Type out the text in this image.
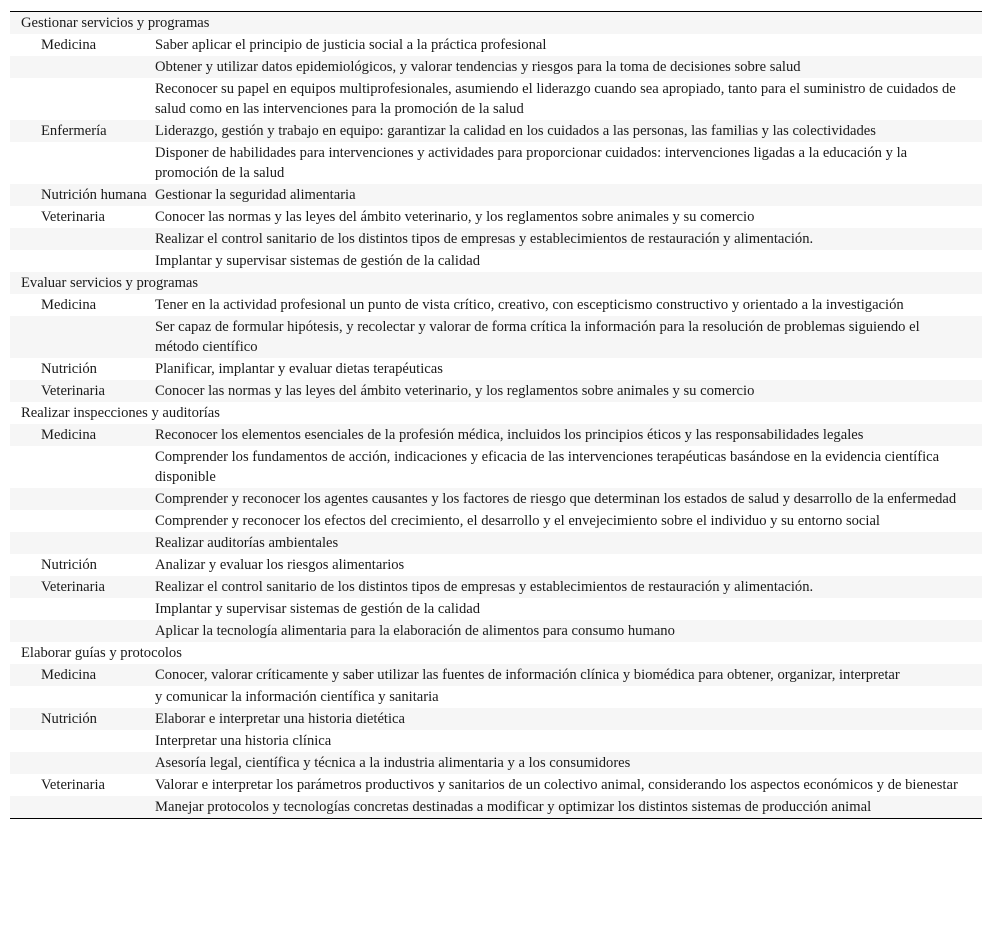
Gestionar servicios y programas	
Medicina	Saber aplicar el principio de justicia social a la práctica profesional
	Obtener y utilizar datos epidemiológicos, y valorar tendencias y riesgos para la toma de decisiones sobre salud
	Reconocer su papel en equipos multiprofesionales, asumiendo el liderazgo cuando sea apropiado, tanto para el suministro de cuidados de salud como en las intervenciones para la promoción de la salud
Enfermería	Liderazgo, gestión y trabajo en equipo: garantizar la calidad en los cuidados a las personas, las familias y las colectividades
	Disponer de habilidades para intervenciones y actividades para proporcionar cuidados: intervenciones ligadas a la educación y la promoción de la salud
Nutrición humana	Gestionar la seguridad alimentaria
Veterinaria	Conocer las normas y las leyes del ámbito veterinario, y los reglamentos sobre animales y su comercio
	Realizar el control sanitario de los distintos tipos de empresas y establecimientos de restauración y alimentación.
	Implantar y supervisar sistemas de gestión de la calidad
Evaluar servicios y programas	
Medicina	Tener en la actividad profesional un punto de vista crítico, creativo, con escepticismo constructivo y orientado a la investigación
	Ser capaz de formular hipótesis, y recolectar y valorar de forma crítica la información para la resolución de problemas siguiendo el método científico
Nutrición	Planificar, implantar y evaluar dietas terapéuticas
Veterinaria	Conocer las normas y las leyes del ámbito veterinario, y los reglamentos sobre animales y su comercio
Realizar inspecciones y auditorías	
Medicina	Reconocer los elementos esenciales de la profesión médica, incluidos los principios éticos y las responsabilidades legales
	Comprender los fundamentos de acción, indicaciones y eficacia de las intervenciones terapéuticas basándose en la evidencia científica disponible
	Comprender y reconocer los agentes causantes y los factores de riesgo que determinan los estados de salud y desarrollo de la enfermedad
	Comprender y reconocer los efectos del crecimiento, el desarrollo y el envejecimiento sobre el individuo y su entorno social
	Realizar auditorías ambientales
Nutrición	Analizar y evaluar los riesgos alimentarios
Veterinaria	Realizar el control sanitario de los distintos tipos de empresas y establecimientos de restauración y alimentación.
	Implantar y supervisar sistemas de gestión de la calidad
	Aplicar la tecnología alimentaria para la elaboración de alimentos para consumo humano
Elaborar guías y protocolos	
Medicina	Conocer, valorar críticamente y saber utilizar las fuentes de información clínica y biomédica para obtener, organizar, interpretar
	y comunicar la información científica y sanitaria
Nutrición	Elaborar e interpretar una historia dietética
	Interpretar una historia clínica
	Asesoría legal, científica y técnica a la industria alimentaria y a los consumidores
Veterinaria	Valorar e interpretar los parámetros productivos y sanitarios de un colectivo animal, considerando los aspectos económicos y de bienestar
	Manejar protocolos y tecnologías concretas destinadas a modificar y optimizar los distintos sistemas de producción animal
